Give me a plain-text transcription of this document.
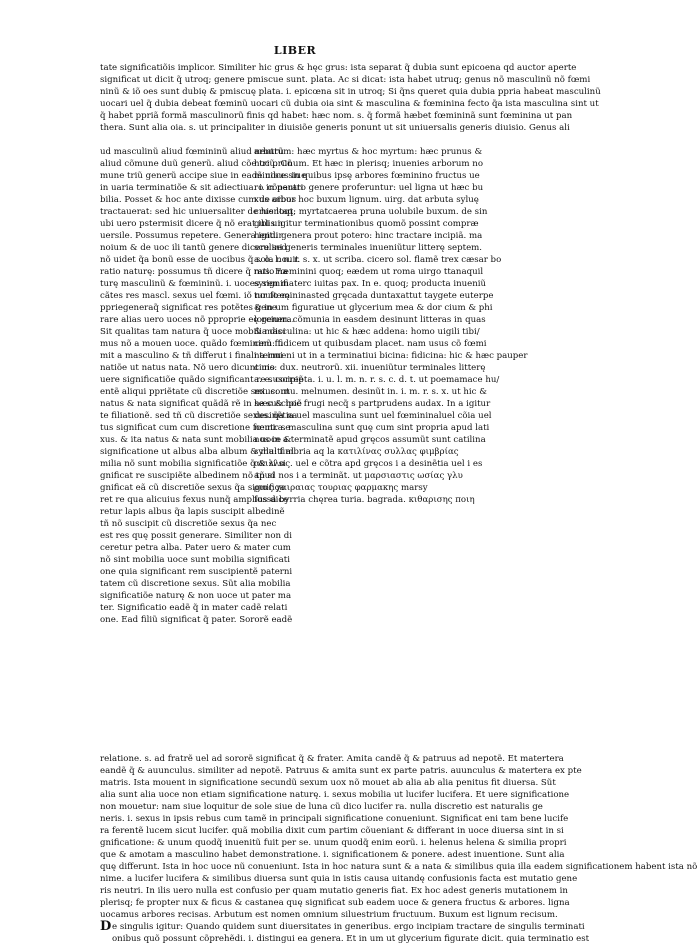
LIBER
tate significatiõis implicor. Similiter hic grus & hęc grus: ista separat q̃ dubia sunt epicoena qd auctor aperte
significat ut dicit q̃ utroq; genere pmiscue sunt. plata. Ac si dicat: ista habet utruq; genus nõ masculinũ nõ fœmi
ninũ & iõ oes sunt dubię & pmiscuę plata. i. epicœna sit in utroq; Si q̃ns queret quia dubia ppria habeat masculinũ
uocari uel q̃ dubia debeat fœminũ uocari cũ dubia oia sint & masculina & fœminina fecto q̃a ista masculina sint ut
q̃ habet ppriã formã masculinorũ finis qd habet: hæc nom. s. q̃ formã hæbet fœmininã sunt fœminina ut pan
thera. Sunt alia oia. s. ut principaliter in diuisiõe generis ponunt ut sit uniuersalis generis diuisio. Genus ali
ud masculinũ aliud fœmininũ aliud neutrũ
aliud cõmune duũ generũ. aliud cõe triũ. Cõ
mune triũ generũ accipe siue in eadẽ uoce siue
in uaria terminatiõe & sit adiectiua. i. cõparati
bilia. Posset & hoc ante dixisse cum de oibus
tractauerat: sed hic uniuersaliter de his loqt:
ubi uero pstermisit dicere q̃ nõ erat ibi un
uersile. Possumus repetere. Genera igitur
noium & de uoc ili tantũ genere dicere sed
nõ uidet q̃a bonũ esse de uocibus q̃ sola nouit
ratio naturę: possumus tñ dicere q̃ ratio na
turę masculinũ & fœmininũ. i. uoces signifi
cãtes res mascl. sexus uel fœmi. iõ nouit eę
ppriegeneraq̃ significat res potẽtes gene
rare alias uero uoces nõ pproprie eę genera.
Sit qualitas tam natura q̃ uoce mobilia dici
mus nõ a mouen uoce. quãdo fœmininũ fu
mit a masculino & tñ differut i finali termi
natiõe ut natus nata. Nõ uero dicunt mo
uere significatiõe quãdo significant re suscipiẽ
entẽ aliqui ppriẽtate cũ discretiõe sexus: ut
natus & nata significat quãdã rẽ in se suscipiẽ
te filiationẽ. sed tñ cũ discretiõe sexus. q̃a na
tus significat cum cum discretione fœmi. se
xus. & ita natus & nata sunt mobilia uoce &
significatione ut albus alba album & multi al
milia nõ sunt mobilia significatiõe q̃ & si si
gnificat re suscipiẽte albedinem nõ tñ si
gnificat eã cũ discretiõe sexus q̃a significa
ret re qua alicuius fexus nunq̃ amplius dice
retur lapis albus q̃a lapis suscipit albedinẽ
tñ nõ suscipit cũ discretiõe sexus q̃a nec
est res quę possit generare. Similiter non di
ceretur petra alba. Pater uero & mater cum
nõ sint mobilia uoce sunt mobilia significati
one quia significant rem suscipientẽ paterni
tatem cũ discretione sexus. Sũt alia mobilia
significatiõe naturę & non uoce ut pater ma
ter. Significatio eadẽ q̃ in mater cadẽ relati
one. Ead filiũ significat q̃ pater. Sororẽ eadẽ
arbutum: hæc myrtus & hoc myrtum: hæc prunus &
hoc prunum. Et hæc in plerisq; inuenies arborum no
minibus in quibus ipsę arbores fœminino fructus ue
ro in neutro genere proferuntur: uel ligna ut hæc bu
xus arbor hoc buxum lignum. uirg. dat arbuta syluę
cruentaq; myrtatcaerea pruna uolubile buxum. de sin
gulis igitur terminationibus quomõ possint compræ
hendi genera prout potero: hinc tractare incipiã. ma
sculini generis terminales inueniũtur litterę septem.
a. o. l. n. r. s. x. ut scriba. cicero sol. flamẽ trex cæsar bo
nus. Fœminini quoq; eædem ut roma uirgo ttanaquil
syren materc iuitas pax. In e. quoq; producta inueniũ
tur fœmininasted gręcada duntaxattut taygete euterpe
& in um figuratiue ut glycerium mea & dor cium & phi
lorcium. cõmunia in easdem desinunt litteras in quas
& masculina: ut hic & hæc addena: homo uigili tibi/
cem: fidicem ut quibusdam placet. nam usus cõ fœmi
na inueni ut in a terminatiui bicina: fidicina: hic & hæc pauper
ciuis: dux. neutrorũ. xii. inueniũtur terminales litterę
a. e. correpta. i. u. l. m. n. r. s. c. d. t. ut poemamace hu/
mi. cornu. melnumen. desinũt in. i. m. r. s. x. ut hic &
hæc & hoc frugi necq̃ s partprudens audax. In a igitur
desinẽtia uel masculina sunt uel fœmininaluel cõia uel
neutra. masculina sunt quę cum sint propria apud lati
nos in a terminatẽ apud gręcos assumũt sunt catilina
sylla: fimbria aq la κατιλίνας συλλας φιμβρίας
ακιλλας. uel e cõtra apd gręcos i a desinẽtia uel i es
apud nos i a terminãt. ut μαρσιαστις ωσίας γλυ
ριας χαιραιας τουριας φαρμακης marsy
fossa byrria chęrea turia. bagrada. κιθαρισης ποιη
relatione. s. ad fratrẽ uel ad sororẽ significat q̃ & frater. Amita candẽ q̃ & patruus ad nepotẽ. Et matertera
eandẽ q̃ & auunculus. similiter ad nepotẽ. Patruus & amita sunt ex parte patris. auunculus & matertera ex pte
matris. Ista mouent in significatione secundũ sexum uox nõ mouet ab alia ab alia penitus fit diuersa. Sũt
alia sunt alia uoce non etiam significatione naturę. i. sexus mobilia ut lucifer lucifera. Et uere significatione
non mouetur: nam siue loquitur de sole siue de luna cũ dico lucifer ra. nulla discretio est naturalis ge
neris. i. sexus in ipsis rebus cum tamẽ in principali significatione conueniunt. Significat eni tam bene lucife
ra ferentẽ lucem sicut lucifer. quã mobilia dixit cum partim cõueniant & differant in uoce diuersa sint in si
gnificatione: & unum quodq̃ inuenitũ fuit per se. unum quodq̃ enim eorũ. i. helenus helena & similia propri
que & amotam a masculino habet demonstratione. i. significationem & ponere. adest inuentione. Sunt alia
quę differunt. Ista in hoc uoce nũ conueniunt. Ista in hoc natura sunt & a nata & similibus quia illa eadem significationem habent ista nõ
nime. a lucifer lucifera & similibus diuersa sunt quia in istis causa uitandę confusionis facta est mutatio gene
ris neutri. In ilis uero nulla est confusio per quam mutatio generis fiat. Ex hoc adest generis mutationem in
plerisq; fe propter nux & ficus & castanea quę significat sub eadem uoce & genera fructus & arbores. ligna
uocamus arbores recisas. Arbutum est nomen omnium siluestrium fructuum. Buxum est lignum recisum.
e singulis igitur: Quando quidem sunt diuersitates in generibus. ergo incipiam tractare de singulis terminati
onibus quõ possunt cõprehẽdi. i. distingui ea genera. Et in um ut glycerium figurate dicit. quia terminatio est
D
